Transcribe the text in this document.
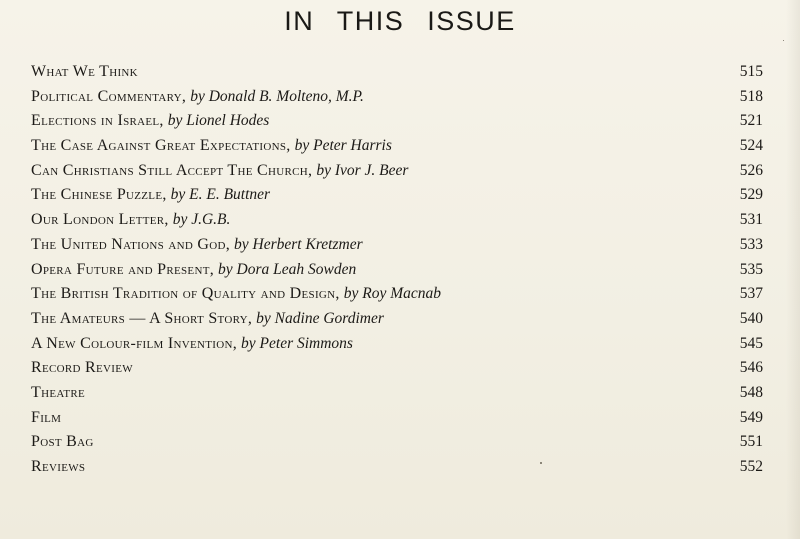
IN THIS ISSUE
What We Think	515
Political Commentary, by Donald B. Molteno, M.P.	518
Elections in Israel, by Lionel Hodes	521
The Case Against Great Expectations, by Peter Harris	524
Can Christians Still Accept The Church, by Ivor J. Beer	526
The Chinese Puzzle, by E. E. Buttner	529
Our London Letter, by J.G.B.	531
The United Nations and God, by Herbert Kretzmer	533
Opera Future and Present, by Dora Leah Sowden	535
The British Tradition of Quality and Design, by Roy Macnab	537
The Amateurs — A Short Story, by Nadine Gordimer	540
A New Colour-film Invention, by Peter Simmons	545
Record Review	546
Theatre	548
Film	549
Post Bag	551
Reviews	552
